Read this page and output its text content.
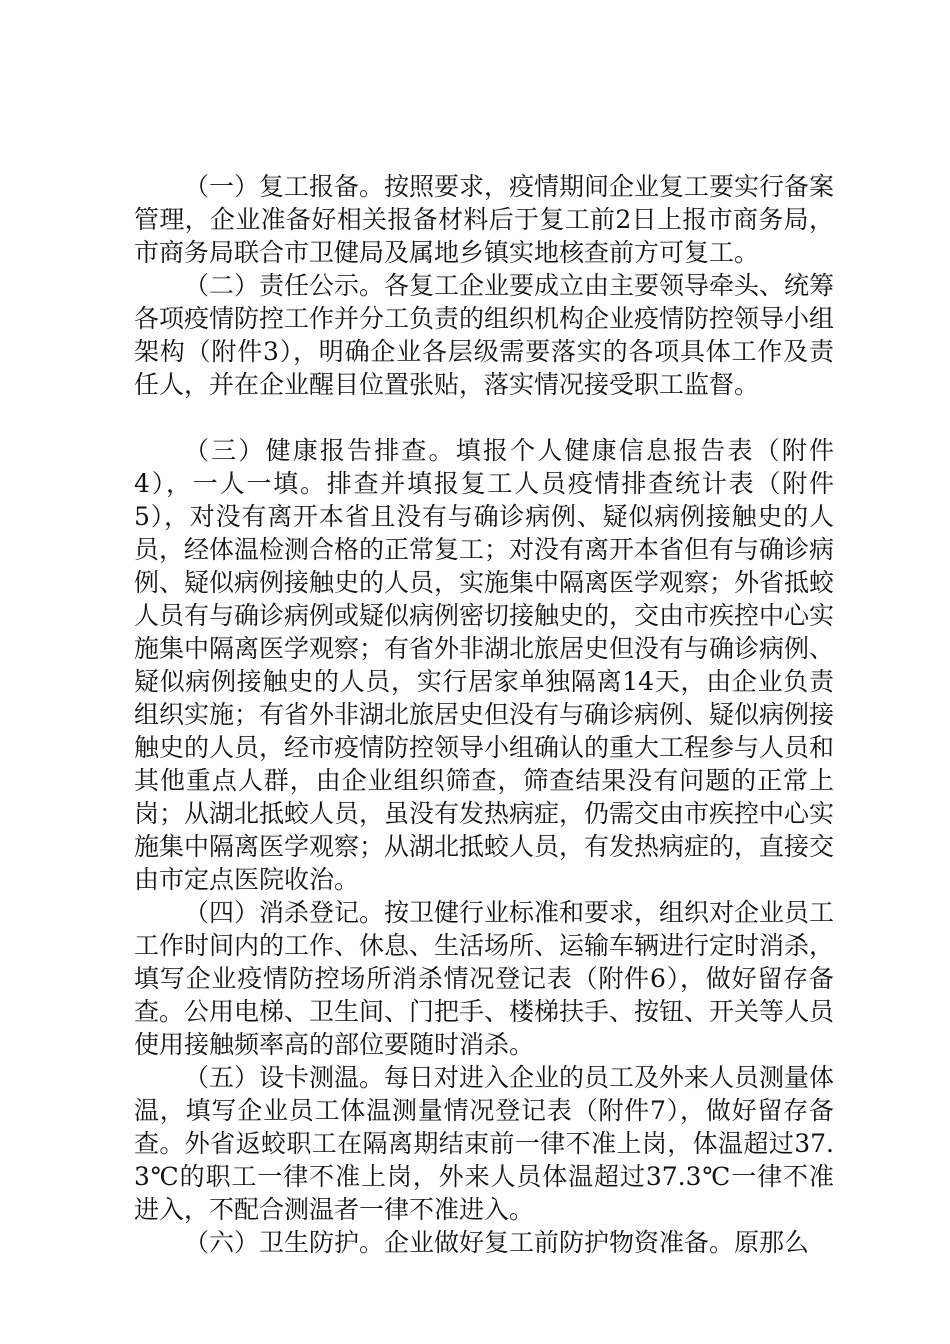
（一）复工报备。按照要求，疫情期间企业复工要实行备案管理，企业准备好相关报备材料后于复工前2日上报市商务局，市商务局联合市卫健局及属地乡镇实地核查前方可复工。

（二）责任公示。各复工企业要成立由主要领导牵头、统筹各项疫情防控工作并分工负责的组织机构企业疫情防控领导小组架构（附件3），明确企业各层级需要落实的各项具体工作及责任人，并在企业醒目位置张贴，落实情况接受职工监督。

（三）健康报告排查。填报个人健康信息报告表（附件4），一人一填。排查并填报复工人员疫情排查统计表（附件5），对没有离开本省且没有与确诊病例、疑似病例接触史的人员，经体温检测合格的正常复工；对没有离开本省但有与确诊病例、疑似病例接触史的人员，实施集中隔离医学观察；外省抵蛟人员有与确诊病例或疑似病例密切接触史的，交由市疾控中心实施集中隔离医学观察；有省外非湖北旅居史但没有与确诊病例、疑似病例接触史的人员，实行居家单独隔离14天，由企业负责组织实施；有省外非湖北旅居史但没有与确诊病例、疑似病例接触史的人员，经市疫情防控领导小组确认的重大工程参与人员和其他重点人群，由企业组织筛查，筛查结果没有问题的正常上岗；从湖北抵蛟人员，虽没有发热病症，仍需交由市疾控中心实施集中隔离医学观察；从湖北抵蛟人员，有发热病症的，直接交由市定点医院收治。

（四）消杀登记。按卫健行业标准和要求，组织对企业员工工作时间内的工作、休息、生活场所、运输车辆进行定时消杀，填写企业疫情防控场所消杀情况登记表（附件6），做好留存备查。公用电梯、卫生间、门把手、楼梯扶手、按钮、开关等人员使用接触频率高的部位要随时消杀。

（五）设卡测温。每日对进入企业的员工及外来人员测量体温，填写企业员工体温测量情况登记表（附件7），做好留存备查。外省返蛟职工在隔离期结束前一律不准上岗，体温超过37.3℃的职工一律不准上岗，外来人员体温超过37.3℃一律不准进入，不配合测温者一律不准进入。

（六）卫生防护。企业做好复工前防护物资准备。原那么
